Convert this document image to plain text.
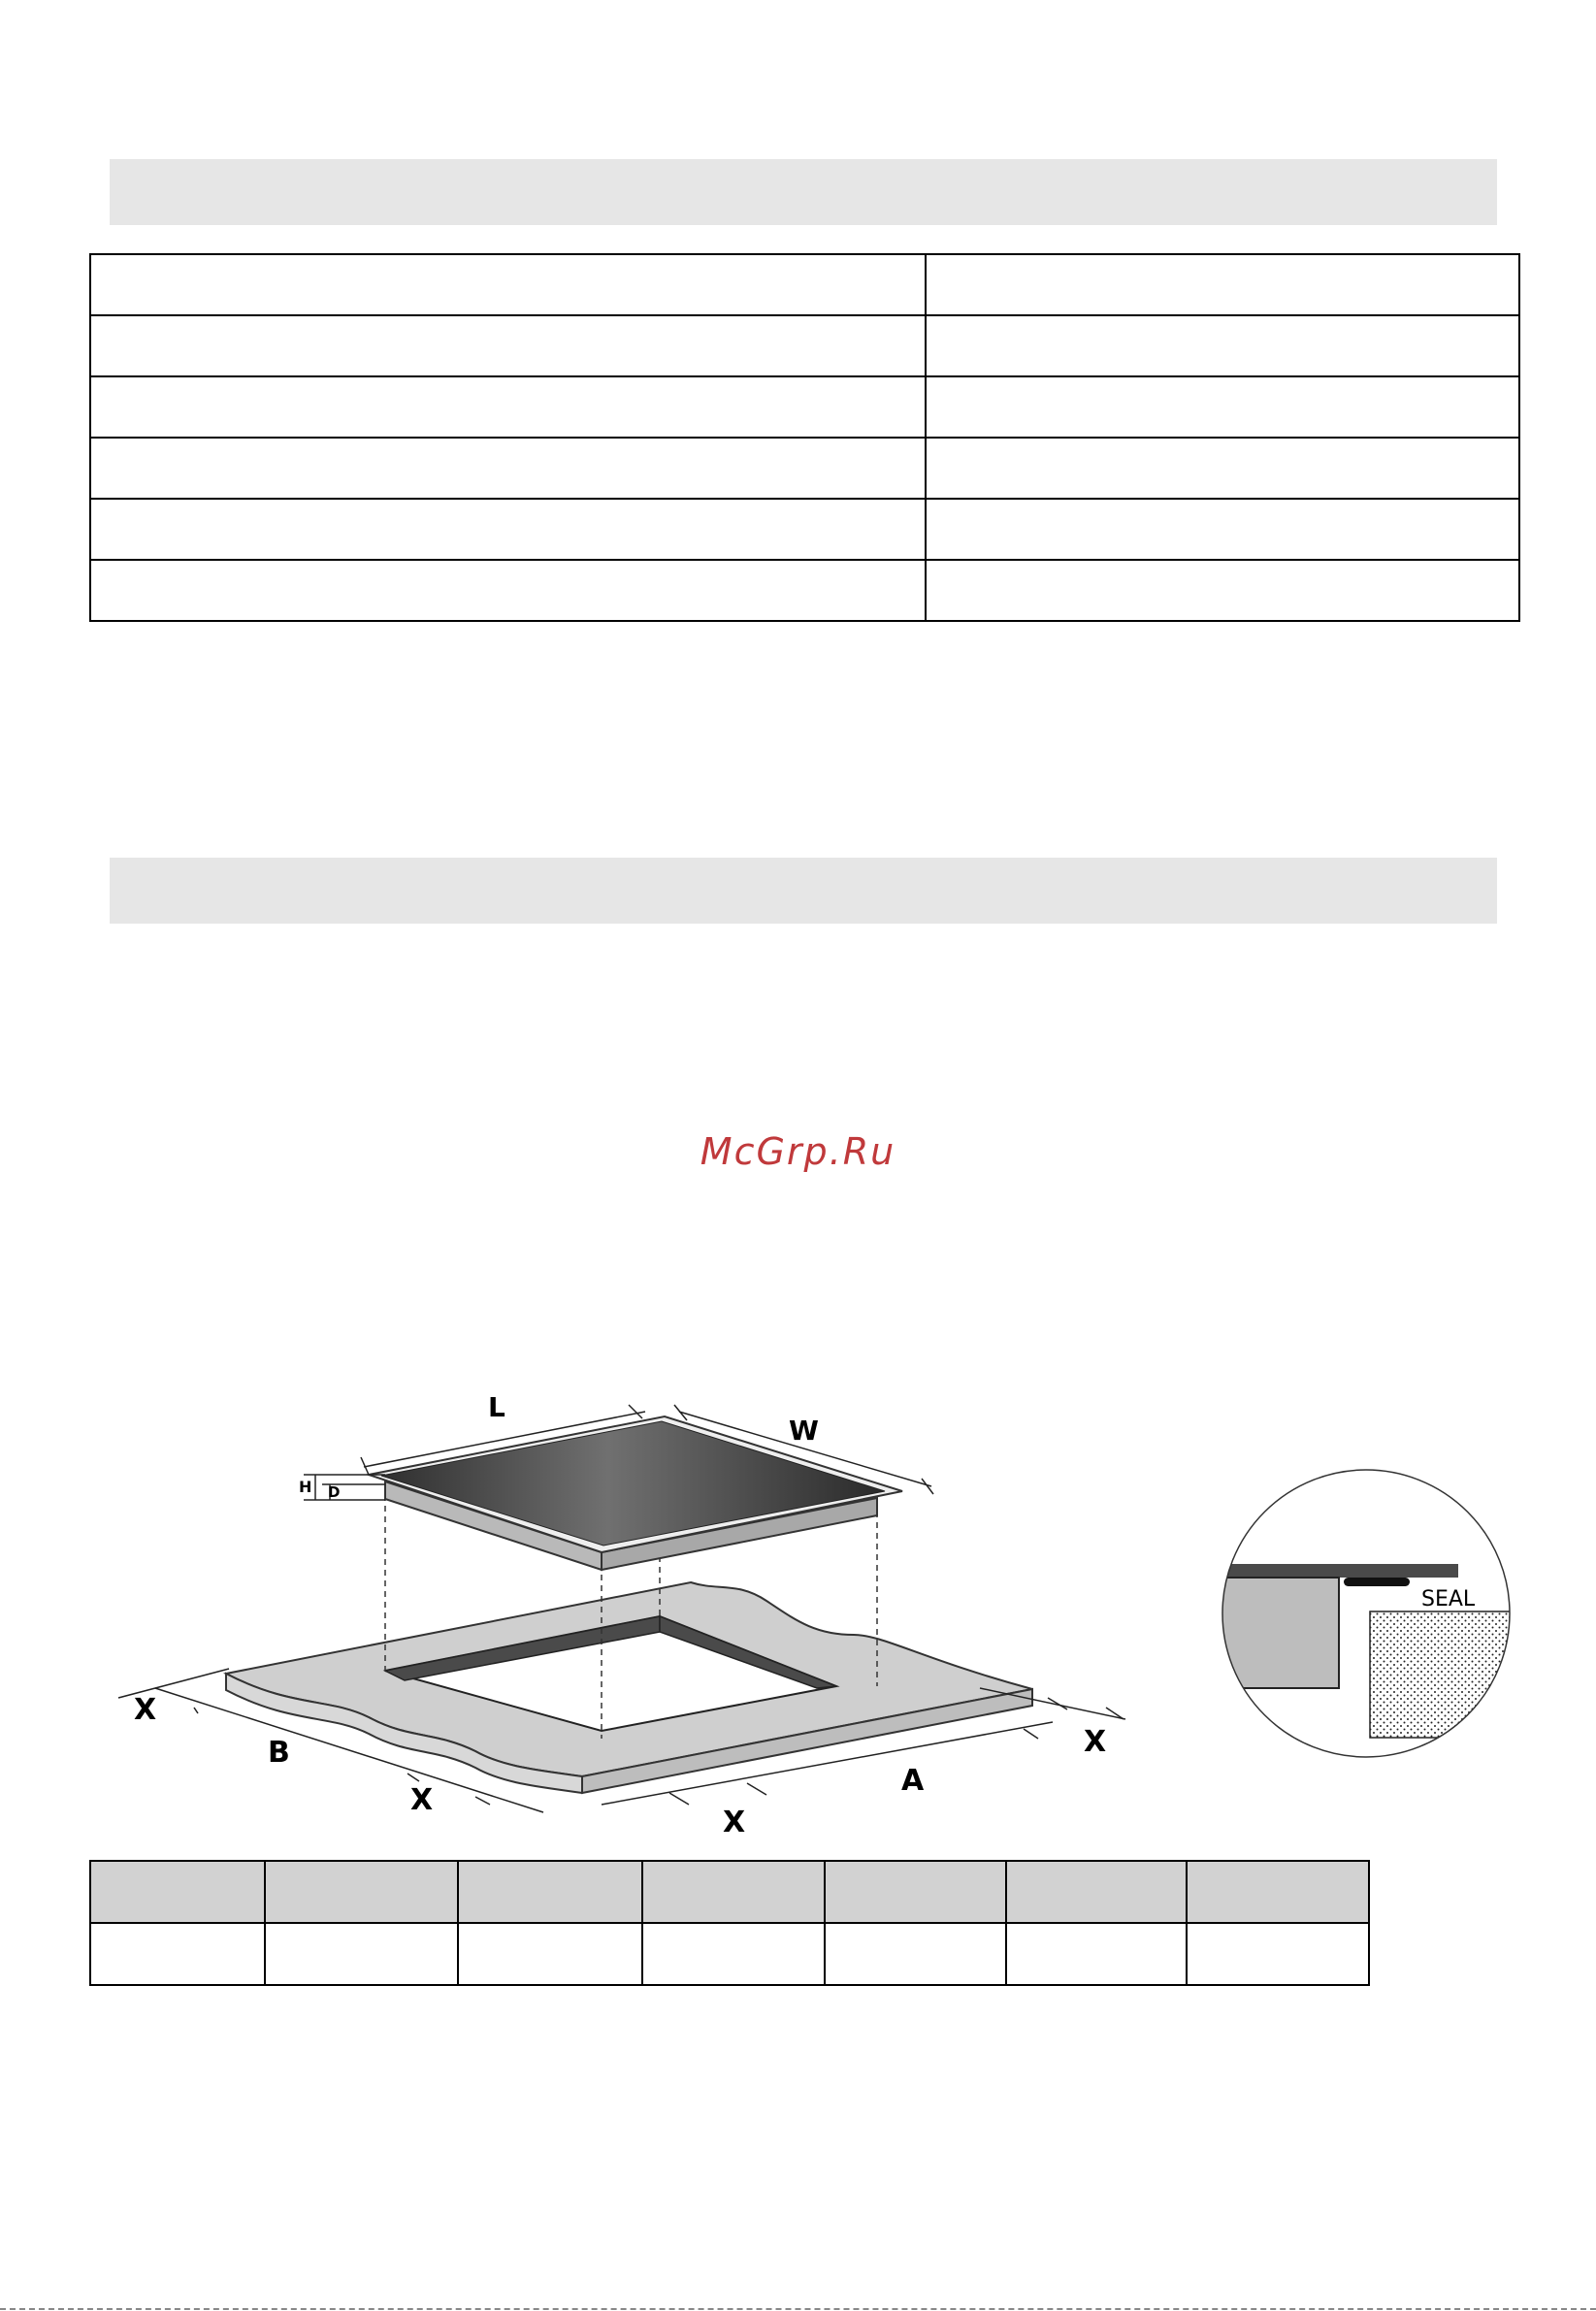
McGrp.Ru
L
W
H D
X
B
X
X
A
X
SEAL
